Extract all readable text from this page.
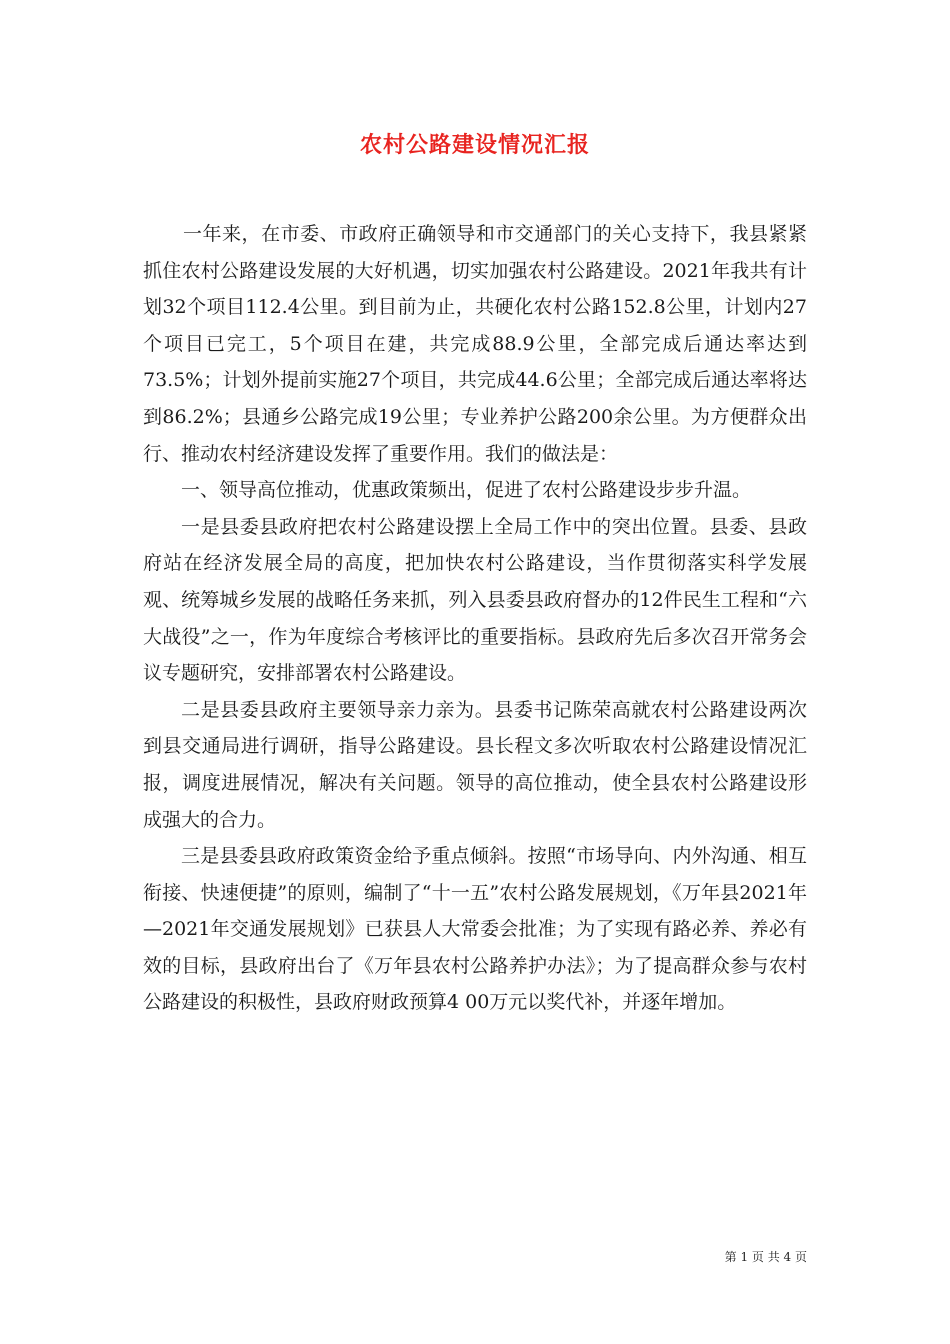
农村公路建设情况汇报

一年来，在市委、市政府正确领导和市交通部门的关心支持下，我县紧紧抓住农村公路建设发展的大好机遇，切实加强农村公路建设。2021年我共有计划32个项目112.4公里。到目前为止，共硬化农村公路152.8公里，计划内27个项目已完工，5个项目在建，共完成88.9公里，全部完成后通达率达到73.5%；计划外提前实施27个项目，共完成44.6公里；全部完成后通达率将达到86.2%；县通乡公路完成19公里；专业养护公路200余公里。为方便群众出行、推动农村经济建设发挥了重要作用。我们的做法是：

一、领导高位推动，优惠政策频出，促进了农村公路建设步步升温。

一是县委县政府把农村公路建设摆上全局工作中的突出位置。县委、县政府站在经济发展全局的高度，把加快农村公路建设，当作贯彻落实科学发展观、统筹城乡发展的战略任务来抓，列入县委县政府督办的12件民生工程和“六大战役”之一，作为年度综合考核评比的重要指标。县政府先后多次召开常务会议专题研究，安排部署农村公路建设。

二是县委县政府主要领导亲力亲为。县委书记陈荣高就农村公路建设两次到县交通局进行调研，指导公路建设。县长程文多次听取农村公路建设情况汇报，调度进展情况，解决有关问题。领导的高位推动，使全县农村公路建设形成强大的合力。

三是县委县政府政策资金给予重点倾斜。按照“市场导向、内外沟通、相互衔接、快速便捷”的原则，编制了“十一五”农村公路发展规划，《万年县2021年—2021年交通发展规划》已获县人大常委会批准；为了实现有路必养、养必有效的目标，县政府出台了《万年县农村公路养护办法》；为了提高群众参与农村公路建设的积极性，县政府财政预算4 00万元以奖代补，并逐年增加。

第 1 页 共 4 页
